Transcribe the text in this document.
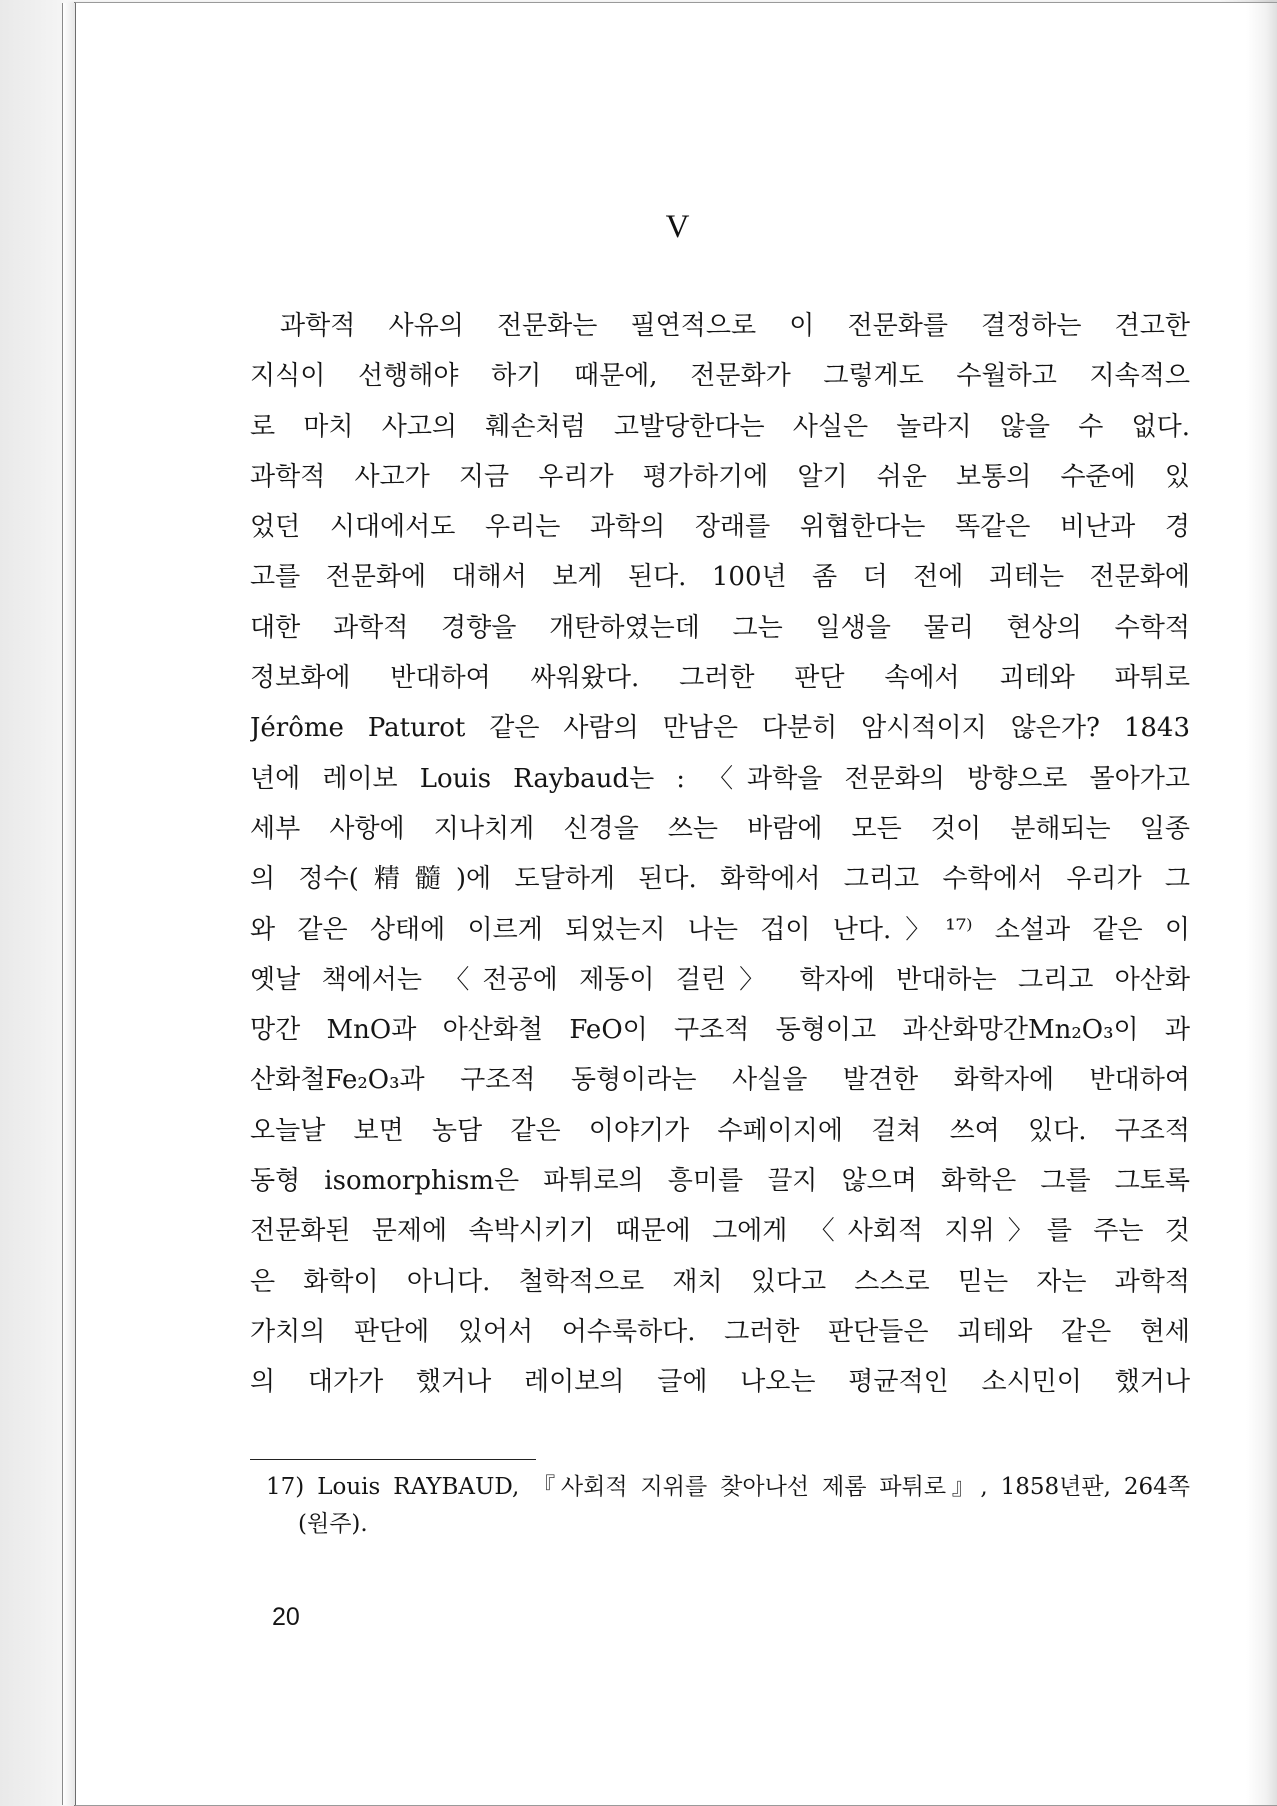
V
과학적 사유의 전문화는 필연적으로 이 전문화를 결정하는 견고한
지식이 선행해야 하기 때문에, 전문화가 그렇게도 수월하고 지속적으
로 마치 사고의 훼손처럼 고발당한다는 사실은 놀라지 않을 수 없다.
과학적 사고가 지금 우리가 평가하기에 알기 쉬운 보통의 수준에 있
었던 시대에서도 우리는 과학의 장래를 위협한다는 똑같은 비난과 경
고를 전문화에 대해서 보게 된다. 100년 좀 더 전에 괴테는 전문화에
대한 과학적 경향을 개탄하였는데 그는 일생을 물리 현상의 수학적
정보화에 반대하여 싸워왔다. 그러한 판단 속에서 괴테와 파튀로
Jérôme Paturot 같은 사람의 만남은 다분히 암시적이지 않은가? 1843
년에 레이보 Louis Raybaud는 : 〈과학을 전문화의 방향으로 몰아가고
세부 사항에 지나치게 신경을 쓰는 바람에 모든 것이 분해되는 일종
의 정수(精髓)에 도달하게 된다. 화학에서 그리고 수학에서 우리가 그
와 같은 상태에 이르게 되었는지 나는 겁이 난다.〉¹⁷⁾ 소설과 같은 이
옛날 책에서는 〈전공에 제동이 걸린〉 학자에 반대하는 그리고 아산화
망간 MnO과 아산화철 FeO이 구조적 동형이고 과산화망간Mn₂O₃이 과
산화철Fe₂O₃과 구조적 동형이라는 사실을 발견한 화학자에 반대하여
오늘날 보면 농담 같은 이야기가 수페이지에 걸쳐 쓰여 있다. 구조적
동형 isomorphism은 파튀로의 흥미를 끌지 않으며 화학은 그를 그토록
전문화된 문제에 속박시키기 때문에 그에게 〈사회적 지위〉를 주는 것
은 화학이 아니다. 철학적으로 재치 있다고 스스로 믿는 자는 과학적
가치의 판단에 있어서 어수룩하다. 그러한 판단들은 괴테와 같은 현세
의 대가가 했거나 레이보의 글에 나오는 평균적인 소시민이 했거나
17) Louis RAYBAUD, 『사회적 지위를 찾아나선 제롬 파튀로』, 1858년판, 264쪽
(원주).
20
